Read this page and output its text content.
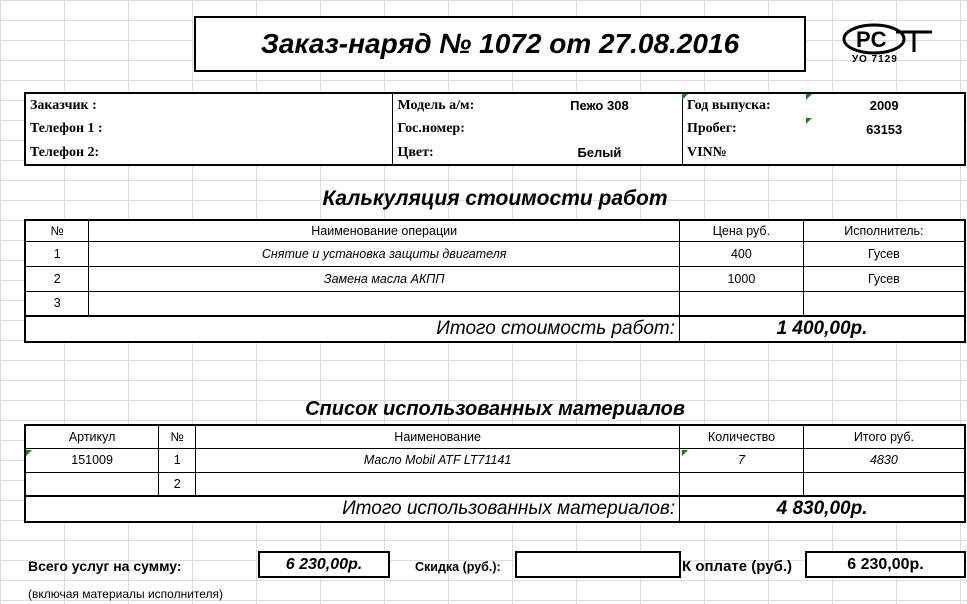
Заказ-наряд № 1072 от 27.08.2016	PC
УО 7129
Заказчик :	Модель а/м:	Пежо 308	Год выпуска:	2009
Телефон 1 :	Гос.номер:		Пробег:	63153
Телефон 2:	Цвет:	Белый	VIN№	
Калькуляция стоимости работ
№	Наименование операции	Цена руб.	Исполнитель:
1	Снятие и установка защиты двигателя	400	Гусев
2	Замена масла АКПП	1000	Гусев
3			
Итого стоимость работ:		1 400,00р.	
Список использованных материалов
Артикул	№	Наименование	Количество	Итого руб.
151009	1	Масло Mobil ATF LT71141	7	4830
	2			
Итого использованных материалов:			4 830,00р.	
Всего услуг на сумму:	6 230,00р.	Скидка (руб.):	К оплате (руб.)	6 230,00р.
(включая материалы исполнителя)
